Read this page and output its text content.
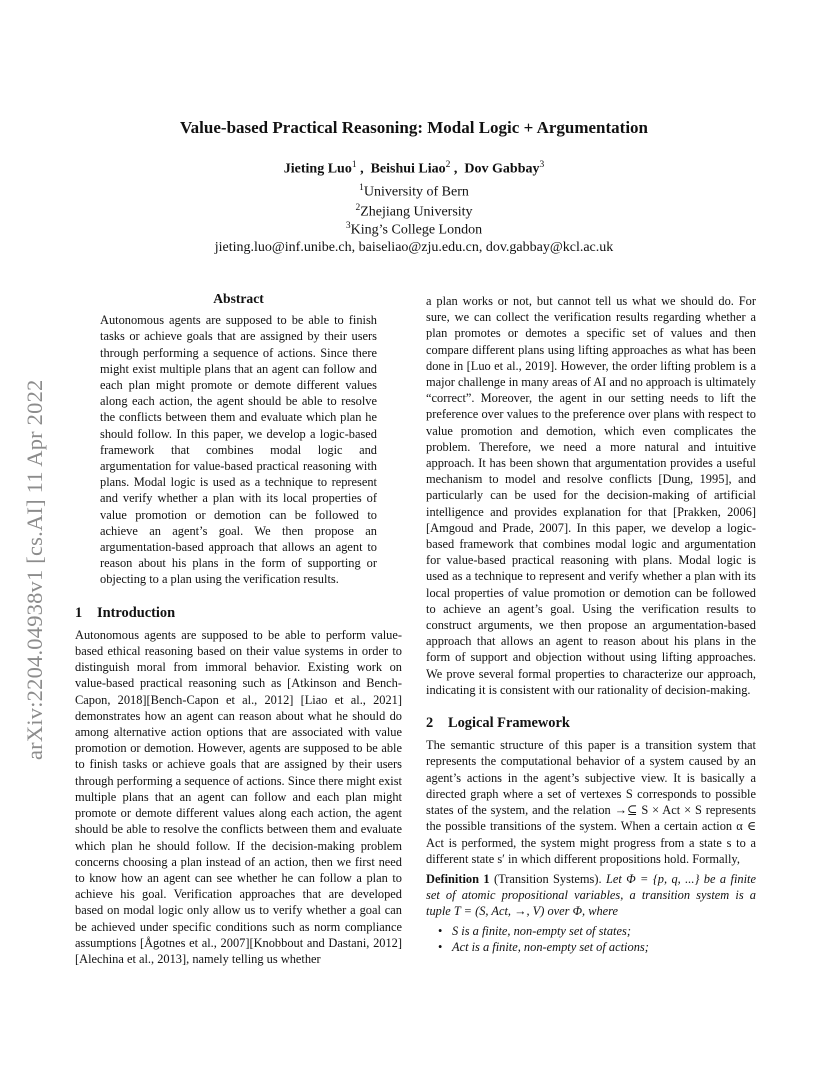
arXiv:2204.04938v1 [cs.AI] 11 Apr 2022
Value-based Practical Reasoning: Modal Logic + Argumentation
Jieting Luo$^1$ ,  Beishui Liao$^2$ ,  Dov Gabbay$^3$
$^1$University of Bern
$^2$Zhejiang University
$^3$King’s College London
jieting.luo@inf.unibe.ch, baiseliao@zju.edu.cn, dov.gabbay@kcl.ac.uk
Abstract

Autonomous agents are supposed to be able to finish tasks or achieve goals that are assigned by their users through performing a sequence of actions. Since there might exist multiple plans that an agent can follow and each plan might promote or demote different values along each action, the agent should be able to resolve the conflicts between them and evaluate which plan he should follow. In this paper, we develop a logic-based framework that combines modal logic and argumentation for value-based practical reasoning with plans. Modal logic is used as a technique to represent and verify whether a plan with its local properties of value promotion or demotion can be followed to achieve an agent’s goal. We then propose an argumentation-based approach that allows an agent to reason about his plans in the form of supporting or objecting to a plan using the verification results.

1 Introduction

Autonomous agents are supposed to be able to perform value-based ethical reasoning based on their value systems in order to distinguish moral from immoral behavior. Existing work on value-based practical reasoning such as [Atkinson and Bench-Capon, 2018][Bench-Capon et al., 2012] [Liao et al., 2021] demonstrates how an agent can reason about what he should do among alternative action options that are associated with value promotion or demotion. However, agents are supposed to be able to finish tasks or achieve goals that are assigned by their users through performing a sequence of actions. Since there might exist multiple plans that an agent can follow and each plan might promote or demote different values along each action, the agent should be able to resolve the conflicts between them and evaluate which plan he should follow. If the decision-making problem concerns choosing a plan instead of an action, then we first need to know how an agent can see whether he can follow a plan to achieve his goal. Verification approaches that are developed based on modal logic only allow us to verify whether a goal can be achieved under specific conditions such as norm compliance assumptions [Ågotnes et al., 2007][Knobbout and Dastani, 2012][Alechina et al., 2013], namely telling us whether

a plan works or not, but cannot tell us what we should do. For sure, we can collect the verification results regarding whether a plan promotes or demotes a specific set of values and then compare different plans using lifting approaches as what has been done in [Luo et al., 2019]. However, the order lifting problem is a major challenge in many areas of AI and no approach is ultimately “correct”. Moreover, the agent in our setting needs to lift the preference over values to the preference over plans with respect to value promotion and demotion, which even complicates the problem. Therefore, we need a more natural and intuitive approach. It has been shown that argumentation provides a useful mechanism to model and resolve conflicts [Dung, 1995], and particularly can be used for the decision-making of artificial intelligence and provides explanation for that [Prakken, 2006][Amgoud and Prade, 2007]. In this paper, we develop a logic-based framework that combines modal logic and argumentation for value-based practical reasoning with plans. Modal logic is used as a technique to represent and verify whether a plan with its local properties of value promotion or demotion can be followed to achieve an agent’s goal. Using the verification results to construct arguments, we then propose an argumentation-based approach that allows an agent to reason about his plans in the form of support and objection without using lifting approaches. We prove several formal properties to characterize our approach, indicating it is consistent with our rationality of decision-making.

2 Logical Framework

The semantic structure of this paper is a transition system that represents the computational behavior of a system caused by an agent’s actions in the agent’s subjective view. It is basically a directed graph where a set of vertexes S corresponds to possible states of the system, and the relation →⊆ S × Act × S represents the possible transitions of the system. When a certain action α ∈ Act is performed, the system might progress from a state s to a different state s′ in which different propositions hold. Formally,

Definition 1 (Transition Systems). Let Φ = {p, q, ...} be a finite set of atomic propositional variables, a transition system is a tuple T = (S, Act, →, V) over Φ, where

• S is a finite, non-empty set of states;
• Act is a finite, non-empty set of actions;
